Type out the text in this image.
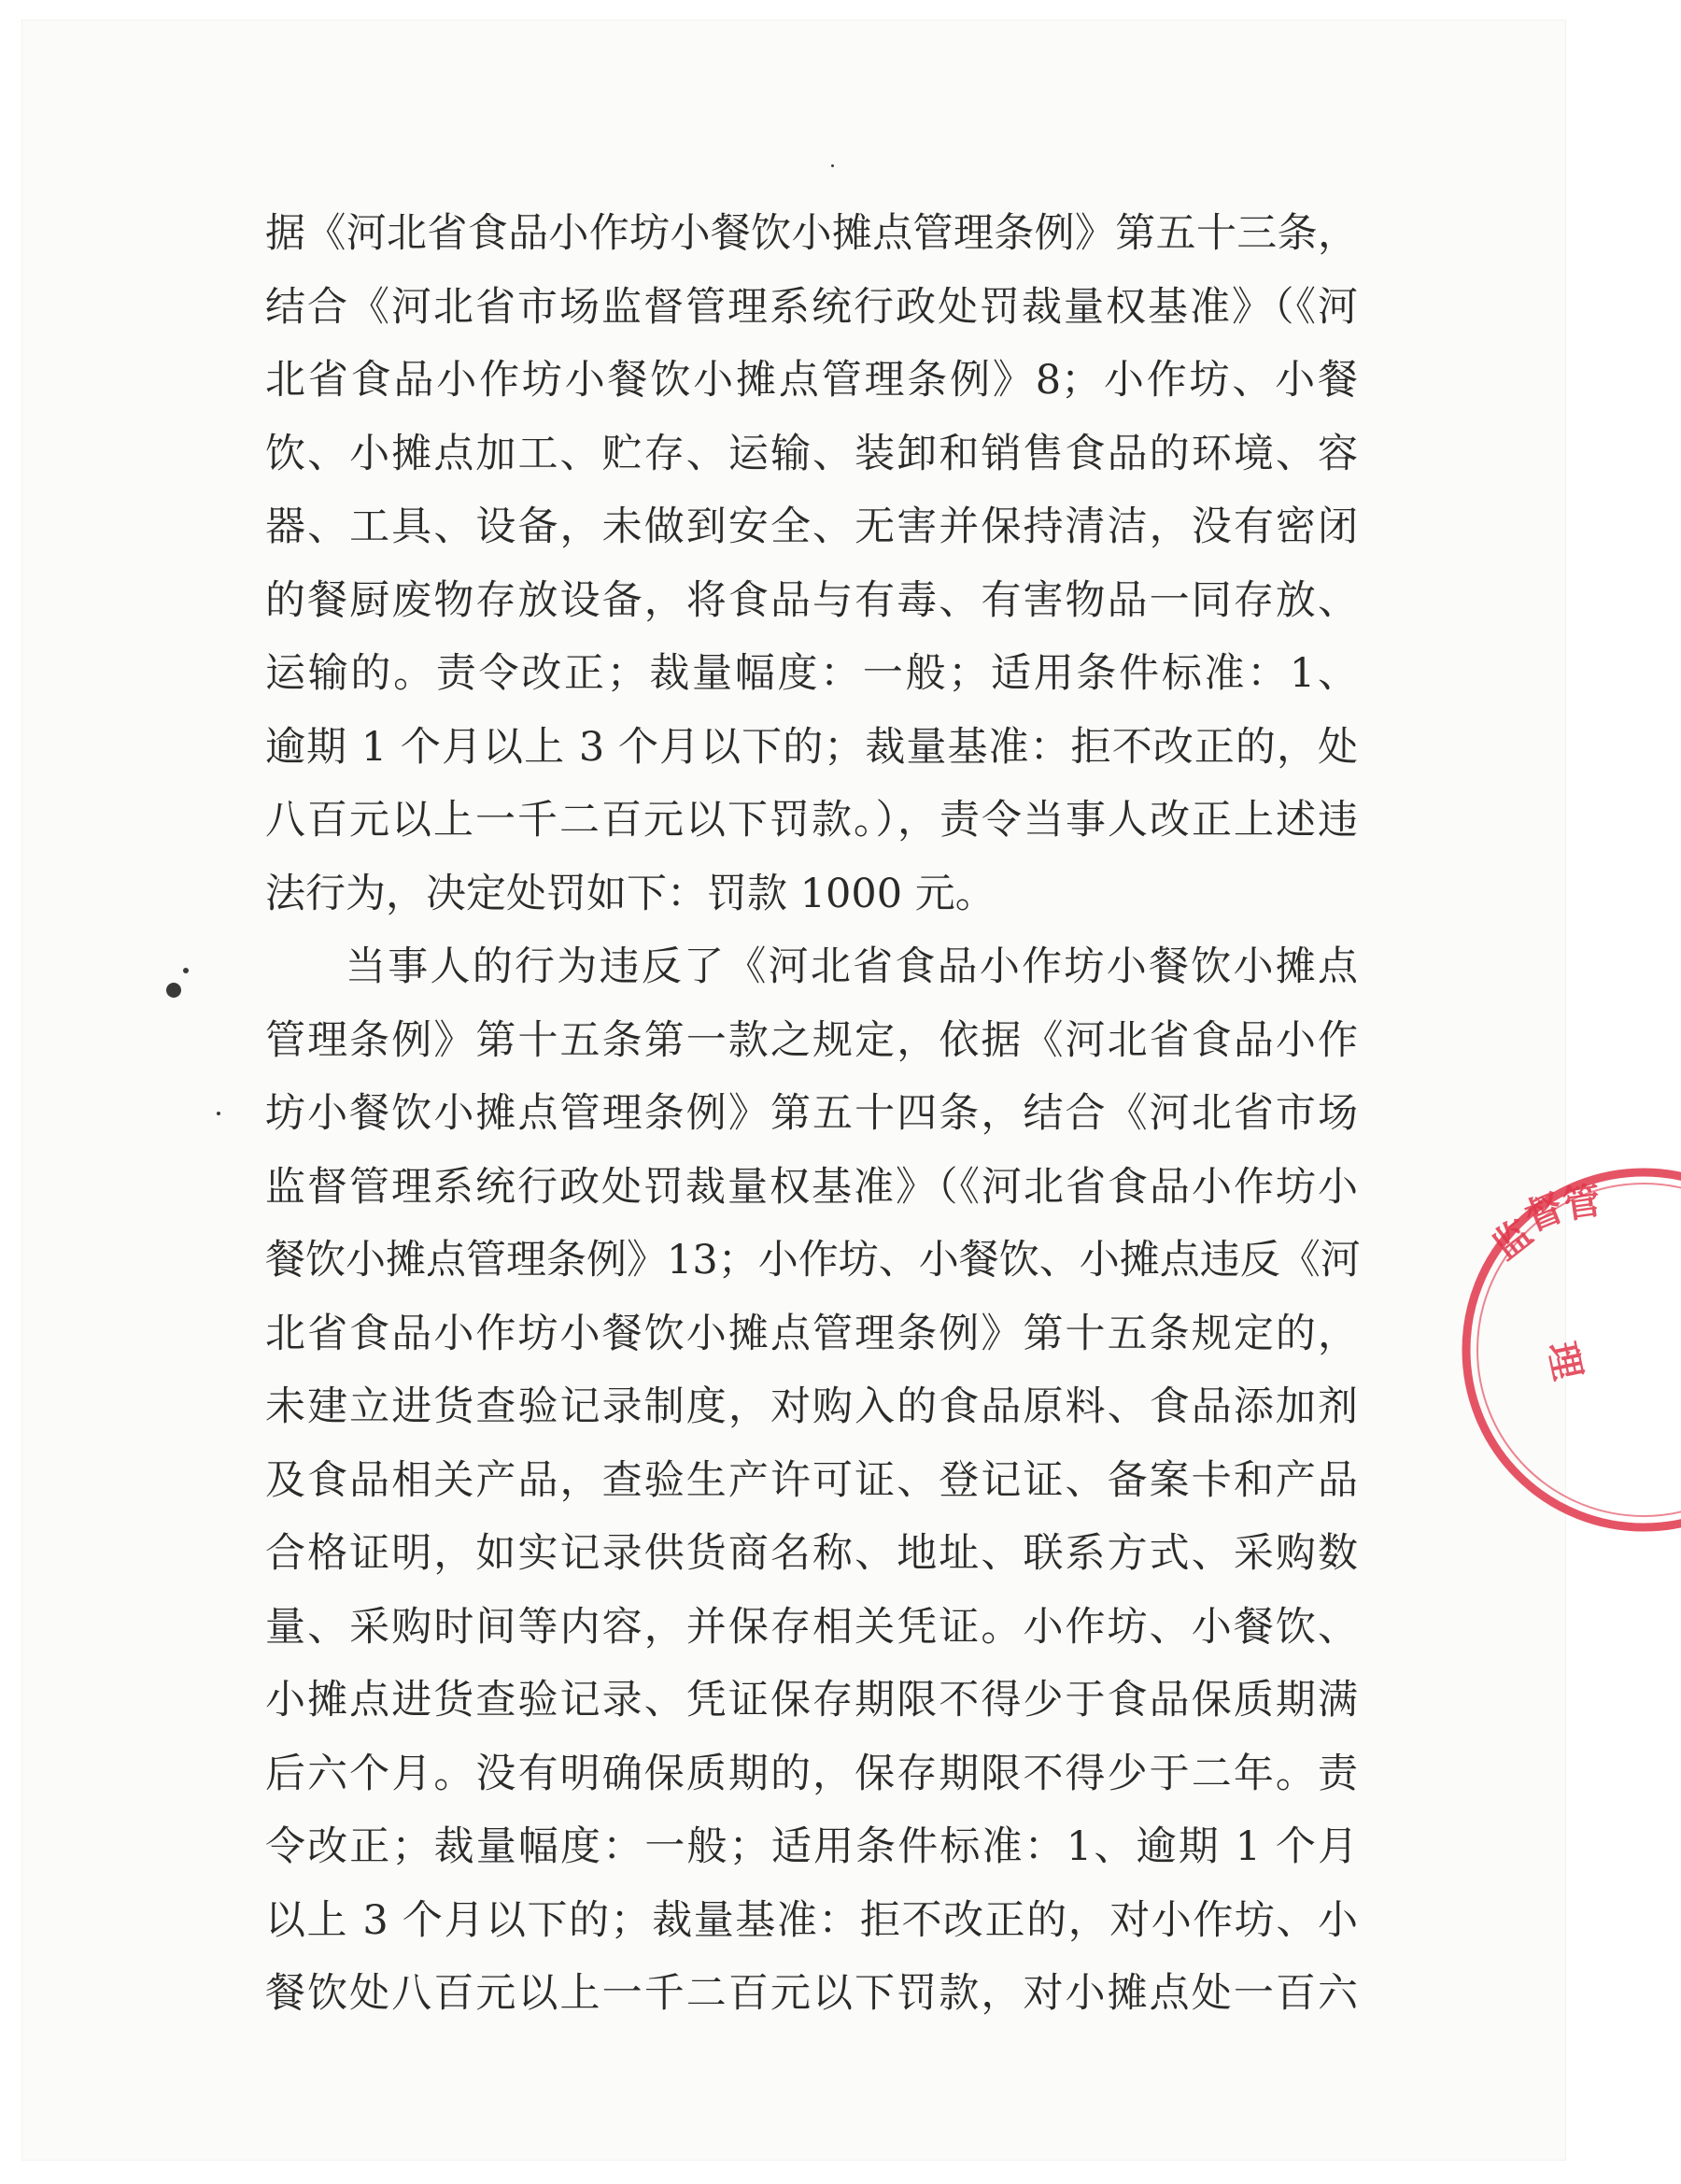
据《河北省食品小作坊小餐饮小摊点管理条例》第五十三条，
结合《河北省市场监督管理系统行政处罚裁量权基准》（《河
北省食品小作坊小餐饮小摊点管理条例》8；小作坊、小餐
饮、小摊点加工、贮存、运输、装卸和销售食品的环境、容
器、工具、设备，未做到安全、无害并保持清洁，没有密闭
的餐厨废物存放设备，将食品与有毒、有害物品一同存放、
运输的。责令改正；裁量幅度：一般；适用条件标准：1、
逾期 1 个月以上 3 个月以下的；裁量基准：拒不改正的，处
八百元以上一千二百元以下罚款。），责令当事人改正上述违
法行为，决定处罚如下：罚款 1000 元。
当事人的行为违反了《河北省食品小作坊小餐饮小摊点
管理条例》第十五条第一款之规定，依据《河北省食品小作
坊小餐饮小摊点管理条例》第五十四条，结合《河北省市场
监督管理系统行政处罚裁量权基准》（《河北省食品小作坊小
餐饮小摊点管理条例》13；小作坊、小餐饮、小摊点违反《河
北省食品小作坊小餐饮小摊点管理条例》第十五条规定的，
未建立进货查验记录制度，对购入的食品原料、食品添加剂
及食品相关产品，查验生产许可证、登记证、备案卡和产品
合格证明，如实记录供货商名称、地址、联系方式、采购数
量、采购时间等内容，并保存相关凭证。小作坊、小餐饮、
小摊点进货查验记录、凭证保存期限不得少于食品保质期满
后六个月。没有明确保质期的，保存期限不得少于二年。责
令改正；裁量幅度：一般；适用条件标准：1、逾期 1 个月
以上 3 个月以下的；裁量基准：拒不改正的，对小作坊、小
餐饮处八百元以上一千二百元以下罚款，对小摊点处一百六
监
督
管
理
